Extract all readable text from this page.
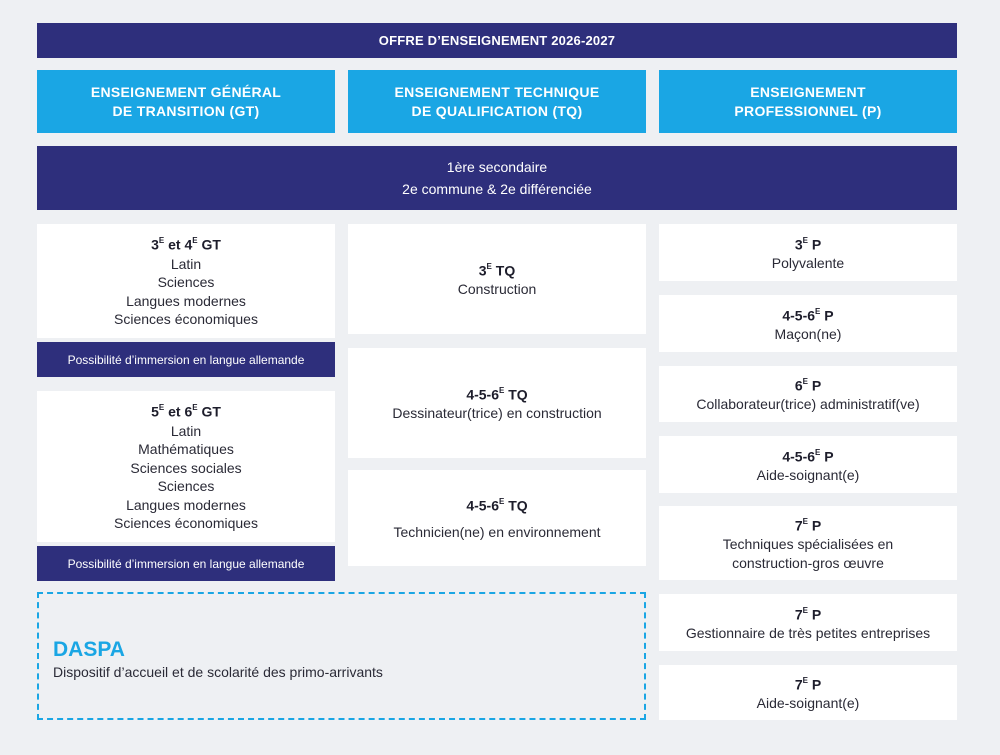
OFFRE D’ENSEIGNEMENT 2026-2027
ENSEIGNEMENT GÉNÉRAL
DE TRANSITION (GT)
ENSEIGNEMENT TECHNIQUE
DE QUALIFICATION (TQ)
ENSEIGNEMENT
PROFESSIONNEL (P)
1ère secondaire
2e commune & 2e différenciée
$3^E$ et $4^E$ GT
Latin
Sciences
Langues modernes
Sciences économiques
Possibilité d’immersion en langue allemande
$5^E$ et $6^E$ GT
Latin
Mathématiques
Sciences sociales
Sciences
Langues modernes
Sciences économiques
Possibilité d’immersion en langue allemande
$3^E$ TQ
Construction
$4-5-6^E$ TQ
Dessinateur(trice) en construction
$4-5-6^E$ TQ
Technicien(ne) en environnement
$3^E$ P
Polyvalente
$4-5-6^E$ P
Maçon(ne)
$6^E$ P
Collaborateur(trice) administratif(ve)
$4-5-6^E$ P
Aide-soignant(e)
$7^E$ P
Techniques spécialisées en
construction-gros œuvre
$7^E$ P
Gestionnaire de très petites entreprises
$7^E$ P
Aide-soignant(e)
DASPA
Dispositif d’accueil et de scolarité des primo-arrivants
